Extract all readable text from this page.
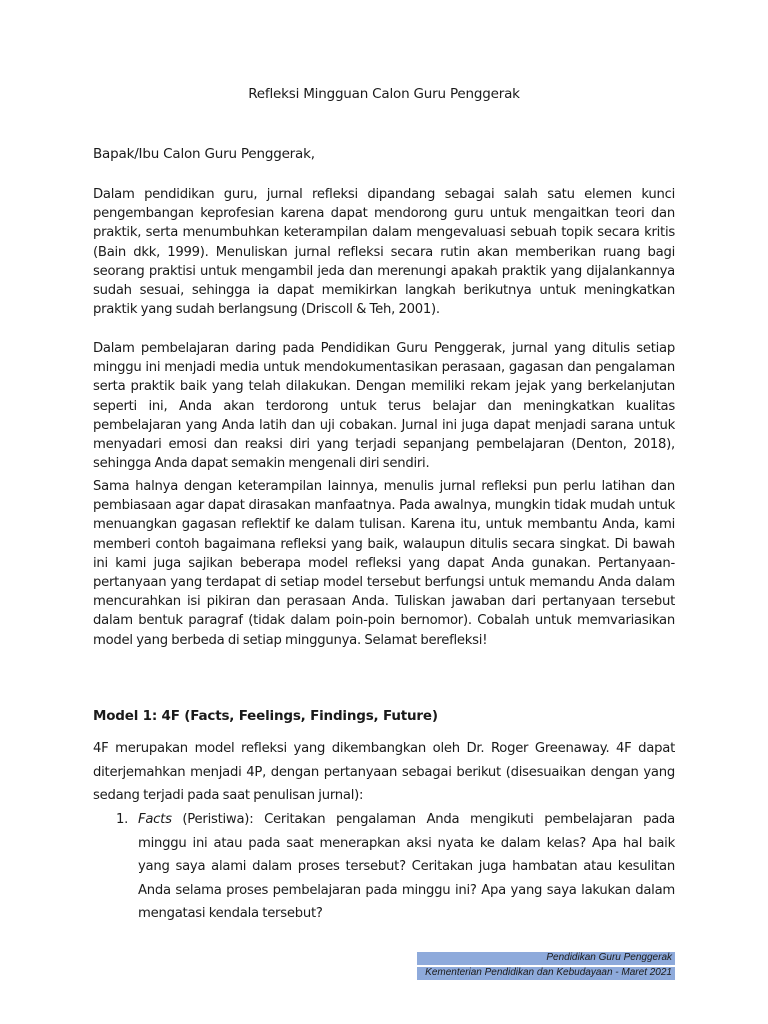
Refleksi Mingguan Calon Guru Penggerak
Bapak/Ibu Calon Guru Penggerak,

Dalam pendidikan guru, jurnal refleksi dipandang sebagai salah satu elemen kunci pengembangan keprofesian karena dapat mendorong guru untuk mengaitkan teori dan praktik, serta menumbuhkan keterampilan dalam mengevaluasi sebuah topik secara kritis (Bain dkk, 1999). Menuliskan jurnal refleksi secara rutin akan memberikan ruang bagi seorang praktisi untuk mengambil jeda dan merenungi apakah praktik yang dijalankannya sudah sesuai, sehingga ia dapat memikirkan langkah berikutnya untuk meningkatkan praktik yang sudah berlangsung (Driscoll & Teh, 2001).

Dalam pembelajaran daring pada Pendidikan Guru Penggerak, jurnal yang ditulis setiap minggu ini menjadi media untuk mendokumentasikan perasaan, gagasan dan pengalaman serta praktik baik yang telah dilakukan. Dengan memiliki rekam jejak yang berkelanjutan seperti ini, Anda akan terdorong untuk terus belajar dan meningkatkan kualitas pembelajaran yang Anda latih dan uji cobakan. Jurnal ini juga dapat menjadi sarana untuk menyadari emosi dan reaksi diri yang terjadi sepanjang pembelajaran (Denton, 2018), sehingga Anda dapat semakin mengenali diri sendiri.

Sama halnya dengan keterampilan lainnya, menulis jurnal refleksi pun perlu latihan dan pembiasaan agar dapat dirasakan manfaatnya. Pada awalnya, mungkin tidak mudah untuk menuangkan gagasan reflektif ke dalam tulisan. Karena itu, untuk membantu Anda, kami memberi contoh bagaimana refleksi yang baik, walaupun ditulis secara singkat. Di bawah ini kami juga sajikan beberapa model refleksi yang dapat Anda gunakan. Pertanyaan-pertanyaan yang terdapat di setiap model tersebut berfungsi untuk memandu Anda dalam mencurahkan isi pikiran dan perasaan Anda. Tuliskan jawaban dari pertanyaan tersebut dalam bentuk paragraf (tidak dalam poin-poin bernomor). Cobalah untuk memvariasikan model yang berbeda di setiap minggunya. Selamat berefleksi!

Model 1: 4F (Facts, Feelings, Findings, Future)

4F merupakan model refleksi yang dikembangkan oleh Dr. Roger Greenaway. 4F dapat diterjemahkan menjadi 4P, dengan pertanyaan sebagai berikut (disesuaikan dengan yang sedang terjadi pada saat penulisan jurnal):

1. Facts (Peristiwa): Ceritakan pengalaman Anda mengikuti pembelajaran pada minggu ini atau pada saat menerapkan aksi nyata ke dalam kelas? Apa hal baik yang saya alami dalam proses tersebut? Ceritakan juga hambatan atau kesulitan Anda selama proses pembelajaran pada minggu ini? Apa yang saya lakukan dalam mengatasi kendala tersebut?
Pendidikan Guru Penggerak
Kementerian Pendidikan dan Kebudayaan - Maret 2021
